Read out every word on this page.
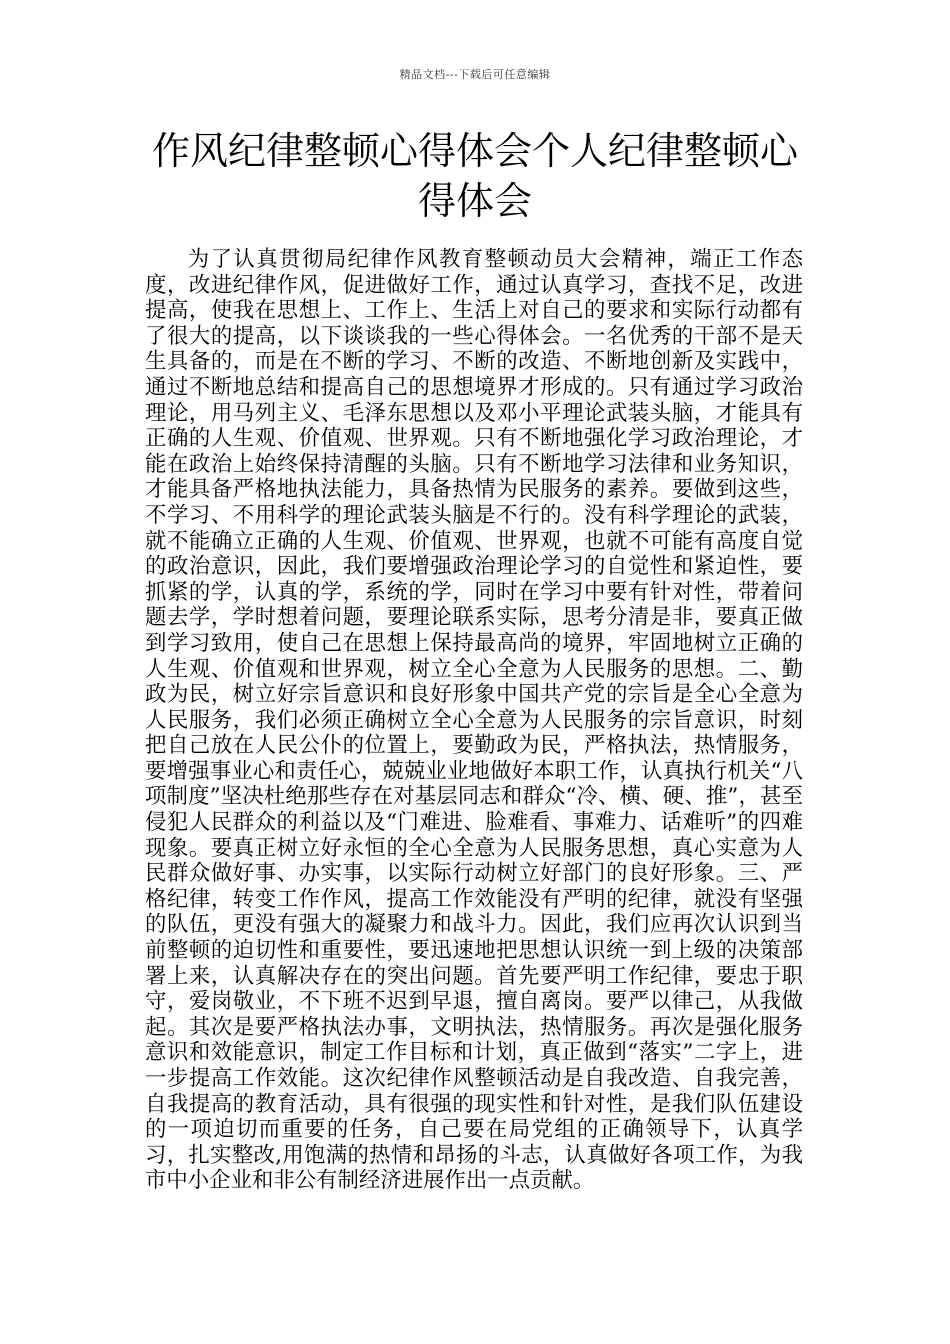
精品文档---下载后可任意编辑
作风纪律整顿心得体会个人纪律整顿心得体会

为了认真贯彻局纪律作风教育整顿动员大会精神，端正工作态度，改进纪律作风，促进做好工作，通过认真学习，查找不足，改进提高，使我在思想上、工作上、生活上对自己的要求和实际行动都有了很大的提高，以下谈谈我的一些心得体会。一名优秀的干部不是天生具备的，而是在不断的学习、不断的改造、不断地创新及实践中，通过不断地总结和提高自己的思想境界才形成的。只有通过学习政治理论，用马列主义、毛泽东思想以及邓小平理论武装头脑，才能具有正确的人生观、价值观、世界观。只有不断地强化学习政治理论，才能在政治上始终保持清醒的头脑。只有不断地学习法律和业务知识，才能具备严格地执法能力，具备热情为民服务的素养。要做到这些，不学习、不用科学的理论武装头脑是不行的。没有科学理论的武装，就不能确立正确的人生观、价值观、世界观，也就不可能有高度自觉的政治意识，因此，我们要增强政治理论学习的自觉性和紧迫性，要抓紧的学，认真的学，系统的学，同时在学习中要有针对性，带着问题去学，学时想着问题，要理论联系实际，思考分清是非，要真正做到学习致用，使自己在思想上保持最高尚的境界，牢固地树立正确的人生观、价值观和世界观，树立全心全意为人民服务的思想。二、勤政为民，树立好宗旨意识和良好形象中国共产党的宗旨是全心全意为人民服务，我们必须正确树立全心全意为人民服务的宗旨意识，时刻把自己放在人民公仆的位置上，要勤政为民，严格执法，热情服务，要增强事业心和责任心，兢兢业业地做好本职工作，认真执行机关“八项制度”坚决杜绝那些存在对基层同志和群众“冷、横、硬、推”，甚至侵犯人民群众的利益以及“门难进、脸难看、事难力、话难听”的四难现象。要真正树立好永恒的全心全意为人民服务思想，真心实意为人民群众做好事、办实事，以实际行动树立好部门的良好形象。三、严格纪律，转变工作作风，提高工作效能没有严明的纪律，就没有坚强的队伍，更没有强大的凝聚力和战斗力。因此，我们应再次认识到当前整顿的迫切性和重要性，要迅速地把思想认识统一到上级的决策部署上来，认真解决存在的突出问题。首先要严明工作纪律，要忠于职守，爱岗敬业，不下班不迟到早退，擅自离岗。要严以律己，从我做起。其次是要严格执法办事，文明执法，热情服务。再次是强化服务意识和效能意识，制定工作目标和计划，真正做到“落实”二字上，进一步提高工作效能。这次纪律作风整顿活动是自我改造、自我完善，自我提高的教育活动，具有很强的现实性和针对性，是我们队伍建设的一项迫切而重要的任务，自己要在局党组的正确领导下，认真学习，扎实整改,用饱满的热情和昂扬的斗志，认真做好各项工作，为我市中小企业和非公有制经济进展作出一点贡献。
